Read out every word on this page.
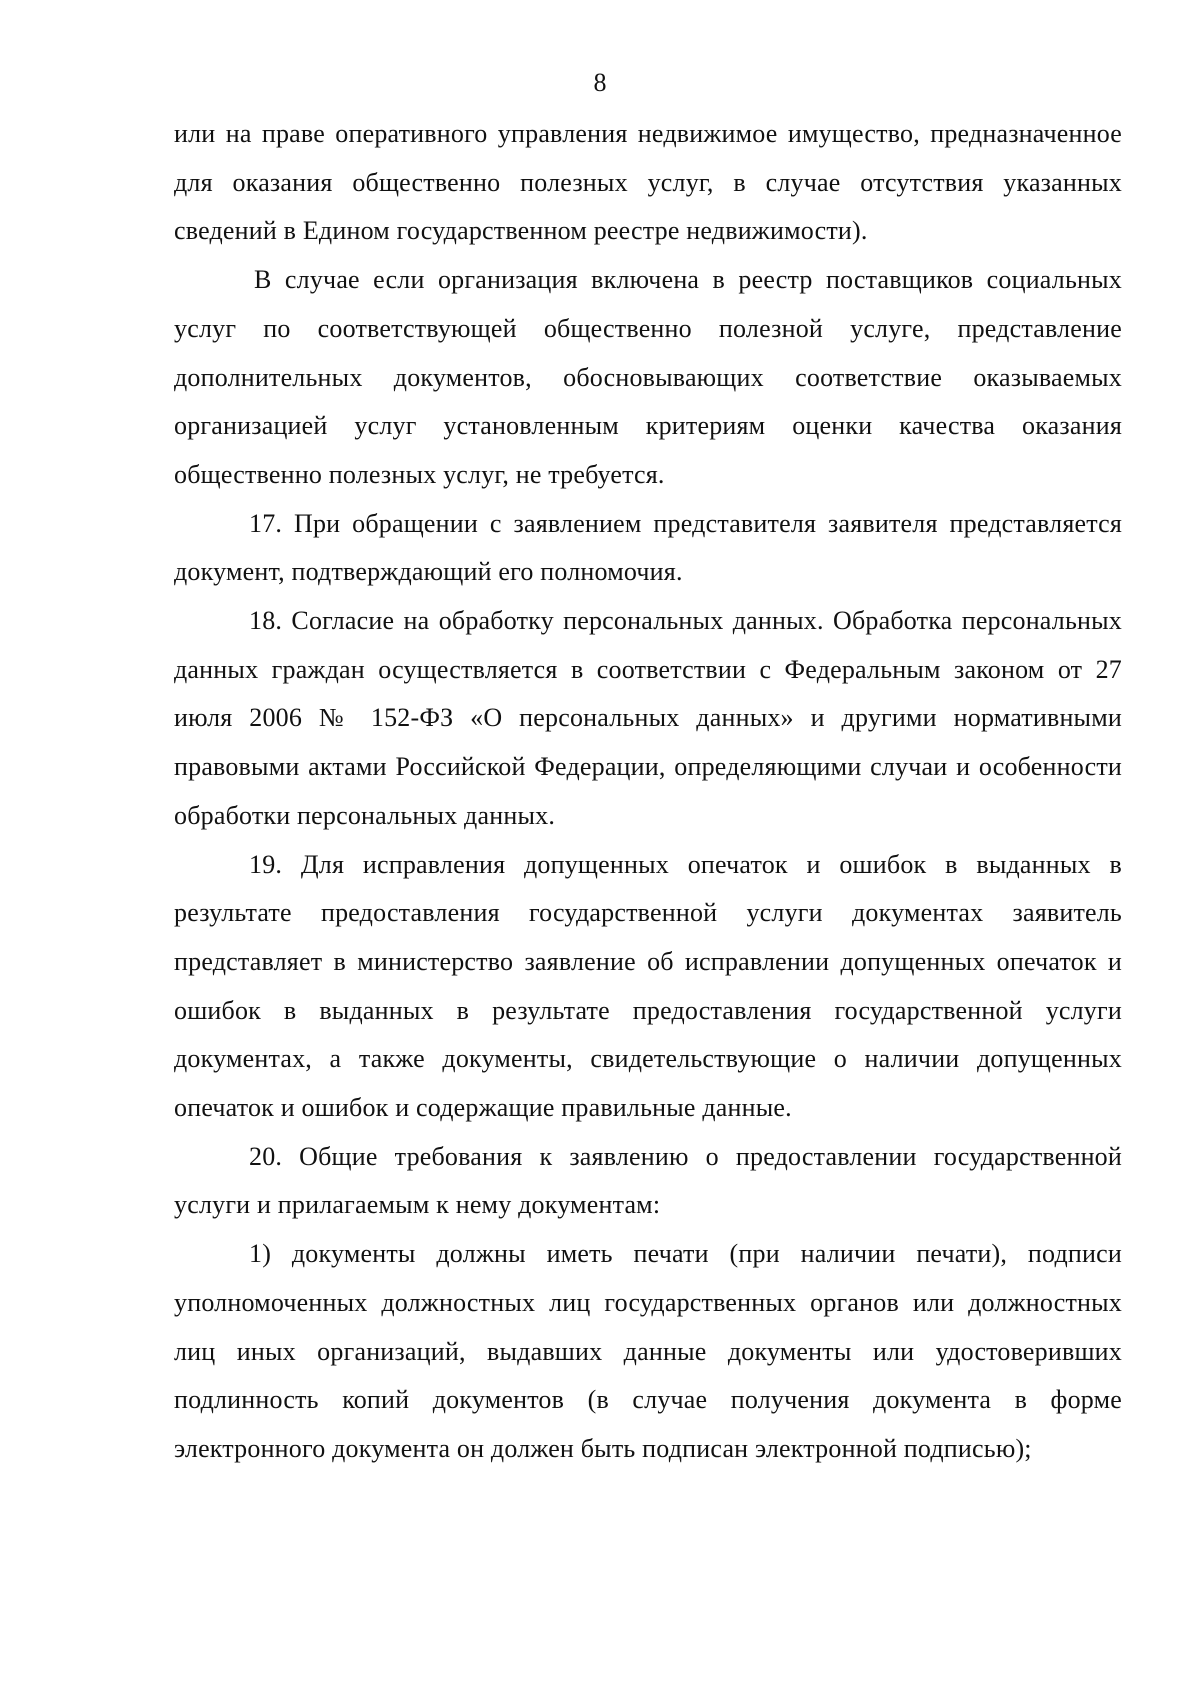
8

или на праве оперативного управления недвижимое имущество, предназначенное для оказания общественно полезных услуг, в случае отсутствия указанных сведений в Едином государственном реестре недвижимости).

В случае если организация включена в реестр поставщиков социальных услуг по соответствующей общественно полезной услуге, представление дополнительных документов, обосновывающих соответствие оказываемых организацией услуг установленным критериям оценки качества оказания общественно полезных услуг, не требуется.

17. При обращении с заявлением представителя заявителя представляется документ, подтверждающий его полномочия.

18. Согласие на обработку персональных данных. Обработка персональных данных граждан осуществляется в соответствии с Федеральным законом от 27 июля 2006 № 152-ФЗ «О персональных данных» и другими нормативными правовыми актами Российской Федерации, определяющими случаи и особенности обработки персональных данных.

19. Для исправления допущенных опечаток и ошибок в выданных в результате предоставления государственной услуги документах заявитель представляет в министерство заявление об исправлении допущенных опечаток и ошибок в выданных в результате предоставления государственной услуги документах, а также документы, свидетельствующие о наличии допущенных опечаток и ошибок и содержащие правильные данные.

20. Общие требования к заявлению о предоставлении государственной услуги и прилагаемым к нему документам:

1) документы должны иметь печати (при наличии печати), подписи уполномоченных должностных лиц государственных органов или должностных лиц иных организаций, выдавших данные документы или удостоверивших подлинность копий документов (в случае получения документа в форме электронного документа он должен быть подписан электронной подписью);
